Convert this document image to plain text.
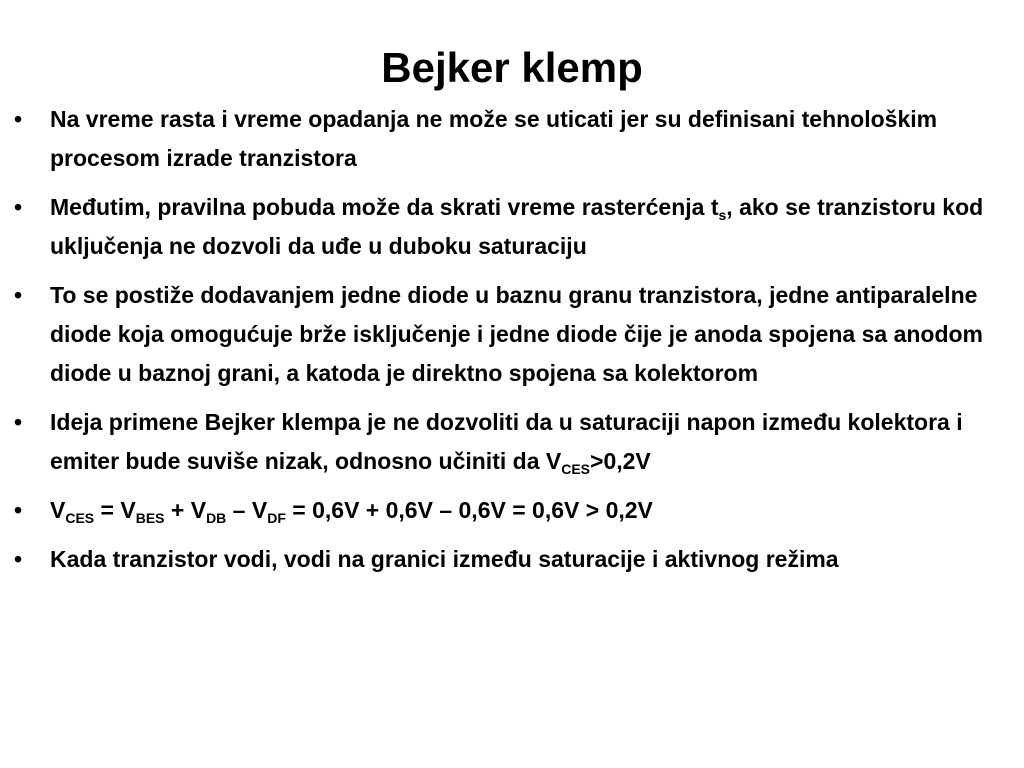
Bejker klemp
• Na vreme rasta i vreme opadanja ne može se uticati jer su definisani tehnološkim procesom izrade tranzistora
• Međutim, pravilna pobuda može da skrati vreme rasterćenja $t_s$, ako se tranzistoru kod uključenja ne dozvoli da uđe u duboku saturaciju
• To se postiže dodavanjem jedne diode u baznu granu tranzistora, jedne antiparalelne diode koja omogućuje brže isključenje i jedne diode čije je anoda spojena sa anodom diode u baznoj grani, a katoda je direktno spojena sa kolektorom
• Ideja primene Bejker klempa je ne dozvoliti da u saturaciji napon između kolektora i emiter bude suviše nizak, odnosno učiniti da $V_{CES}>0,2V$
• $V_{CES} = V_{BES} + V_{DB} - V_{DF} = 0,6V + 0,6V - 0,6V = 0,6V > 0,2V$
• Kada tranzistor vodi, vodi na granici između saturacije i aktivnog režima
